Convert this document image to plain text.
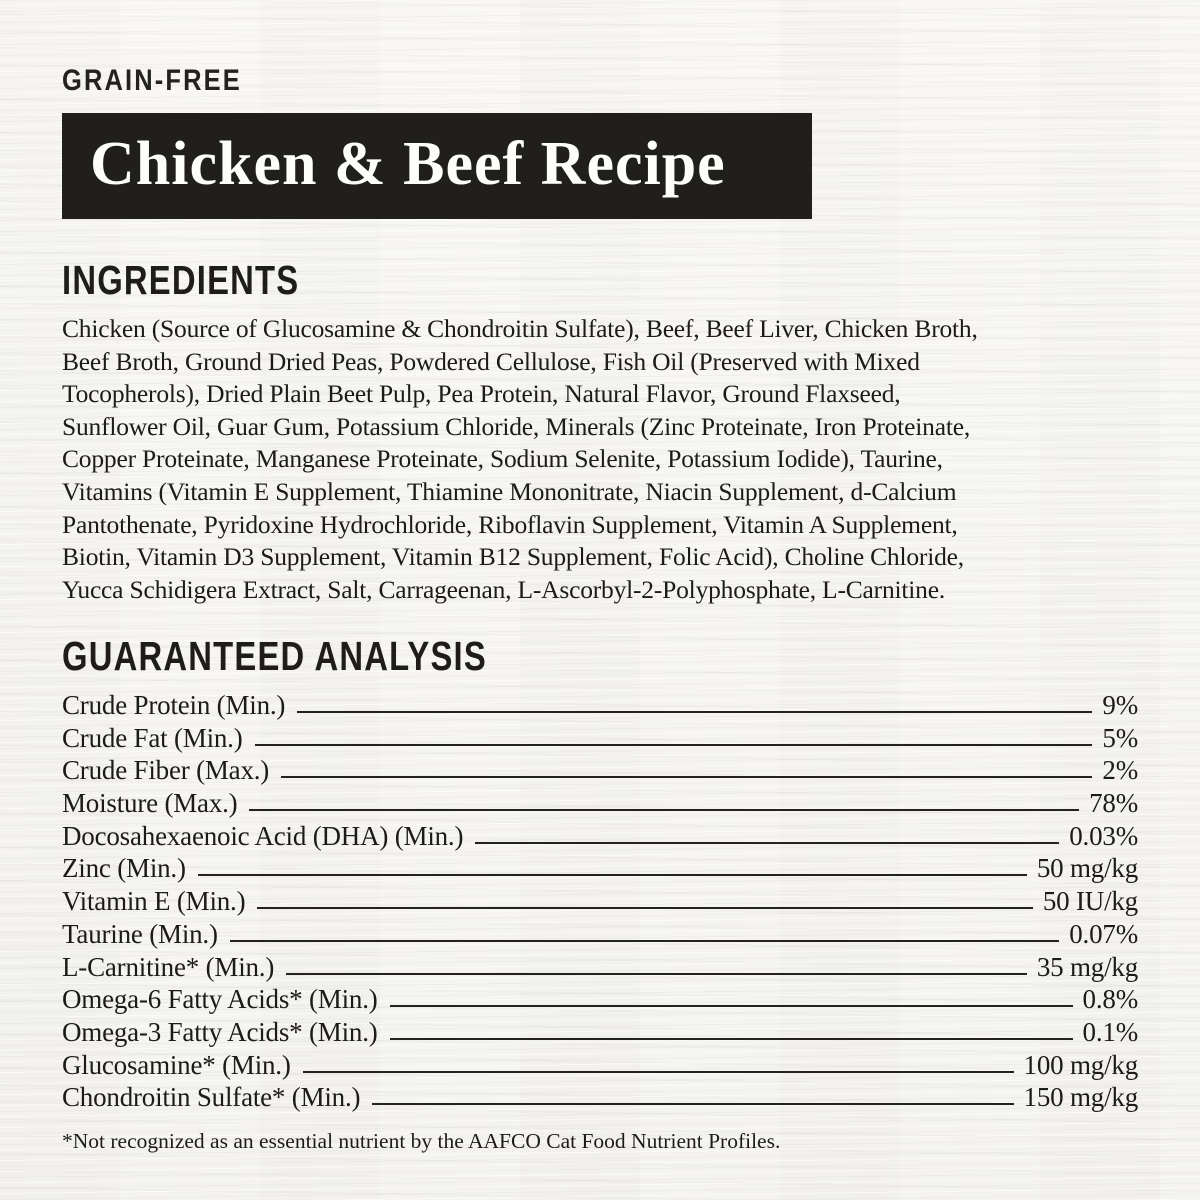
GRAIN-FREE
Chicken & Beef Recipe
INGREDIENTS
Chicken (Source of Glucosamine & Chondroitin Sulfate), Beef, Beef Liver, Chicken Broth,
Beef Broth, Ground Dried Peas, Powdered Cellulose, Fish Oil (Preserved with Mixed
Tocopherols), Dried Plain Beet Pulp, Pea Protein, Natural Flavor, Ground Flaxseed,
Sunflower Oil, Guar Gum, Potassium Chloride, Minerals (Zinc Proteinate, Iron Proteinate,
Copper Proteinate, Manganese Proteinate, Sodium Selenite, Potassium Iodide), Taurine,
Vitamins (Vitamin E Supplement, Thiamine Mononitrate, Niacin Supplement, d-Calcium
Pantothenate, Pyridoxine Hydrochloride, Riboflavin Supplement, Vitamin A Supplement,
Biotin, Vitamin D3 Supplement, Vitamin B12 Supplement, Folic Acid), Choline Chloride,
Yucca Schidigera Extract, Salt, Carrageenan, L-Ascorbyl-2-Polyphosphate, L-Carnitine.
GUARANTEED ANALYSIS
Crude Protein (Min.)	9%
Crude Fat (Min.)	5%
Crude Fiber (Max.)	2%
Moisture (Max.)	78%
Docosahexaenoic Acid (DHA) (Min.)	0.03%
Zinc (Min.)	50 mg/kg
Vitamin E (Min.)	50 IU/kg
Taurine (Min.)	0.07%
L-Carnitine* (Min.)	35 mg/kg
Omega-6 Fatty Acids* (Min.)	0.8%
Omega-3 Fatty Acids* (Min.)	0.1%
Glucosamine* (Min.)	100 mg/kg
Chondroitin Sulfate* (Min.)	150 mg/kg
*Not recognized as an essential nutrient by the AAFCO Cat Food Nutrient Profiles.
